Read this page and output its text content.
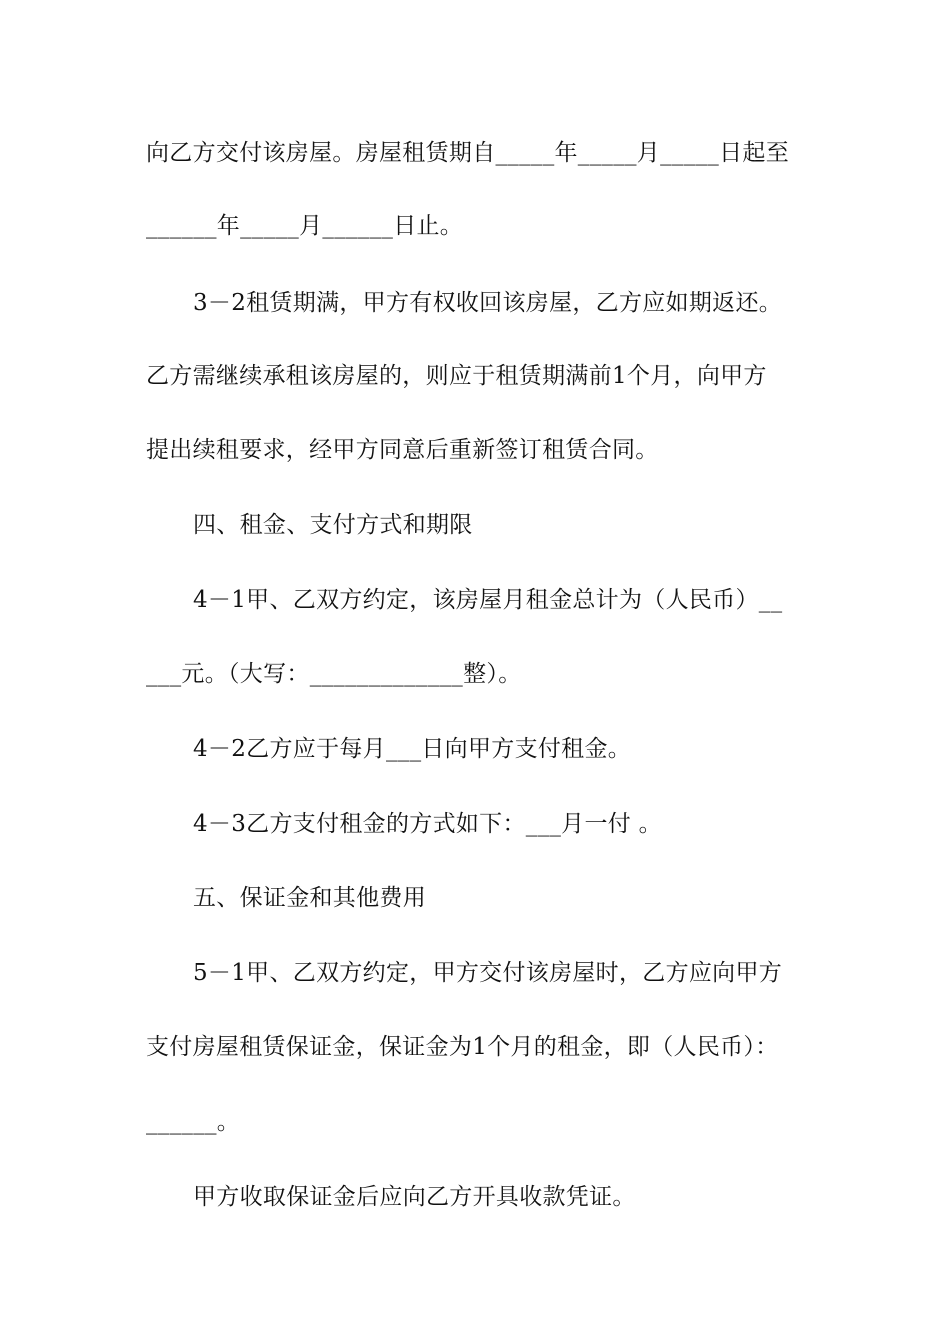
向乙方交付该房屋。房屋租赁期自_____年_____月_____日起至
______年_____月______日止。
3－2租赁期满，甲方有权收回该房屋，乙方应如期返还。
乙方需继续承租该房屋的，则应于租赁期满前1个月，向甲方
提出续租要求，经甲方同意后重新签订租赁合同。
四、租金、支付方式和期限
4－1甲、乙双方约定，该房屋月租金总计为（人民币）__
___元。（大写：_____________整）。
4－2乙方应于每月___日向甲方支付租金。
4－3乙方支付租金的方式如下：___月一付 。
五、保证金和其他费用
5－1甲、乙双方约定，甲方交付该房屋时，乙方应向甲方
支付房屋租赁保证金，保证金为1个月的租金，即（人民币）：
______。
甲方收取保证金后应向乙方开具收款凭证。
